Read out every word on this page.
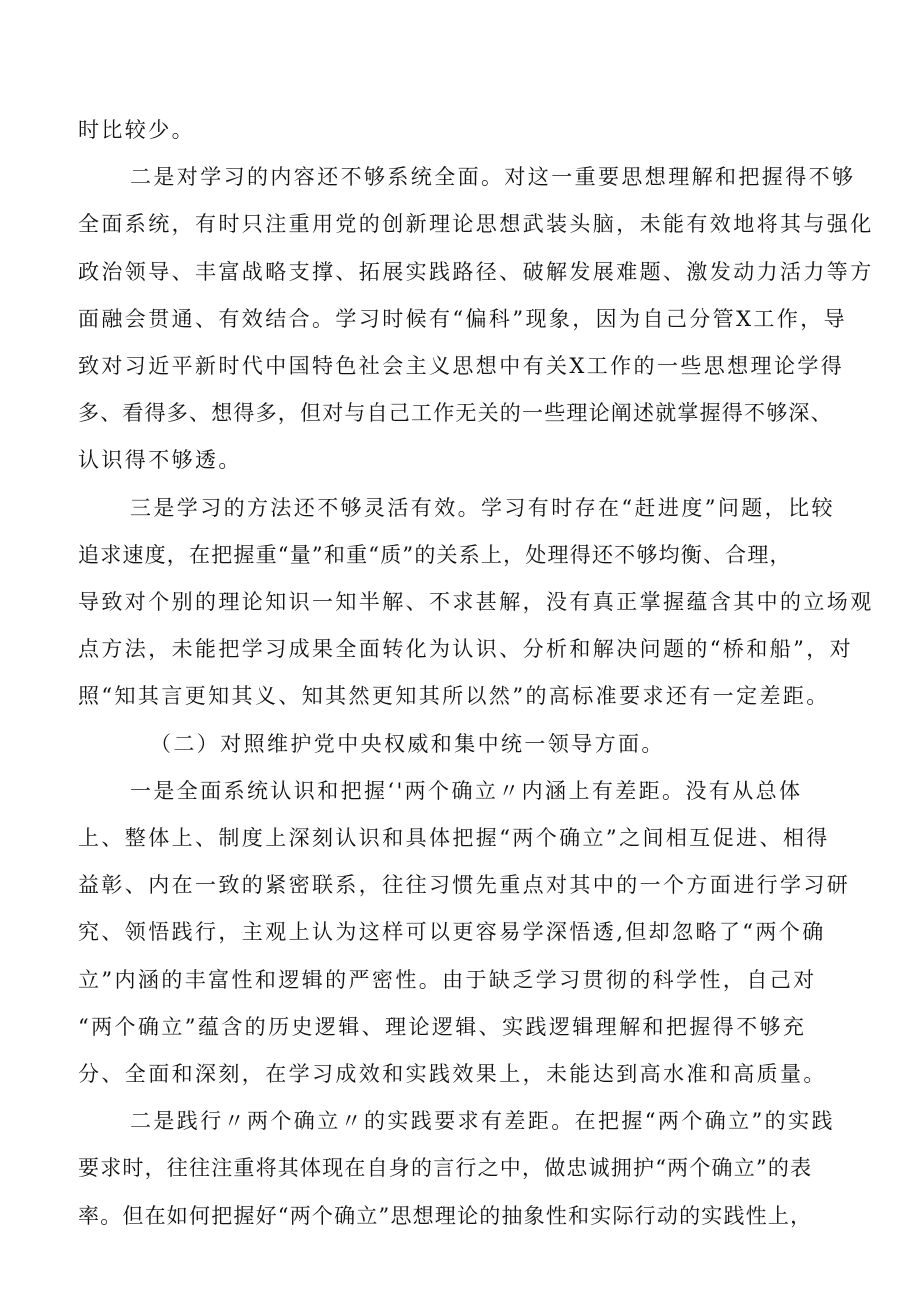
时比较少。
二是对学习的内容还不够系统全面。对这一重要思想理解和把握得不够
全面系统，有时只注重用党的创新理论思想武装头脑，未能有效地将其与强化
政治领导、丰富战略支撑、拓展实践路径、破解发展难题、激发动力活力等方
面融会贯通、有效结合。学习时候有“偏科”现象，因为自己分管X工作，导
致对习近平新时代中国特色社会主义思想中有关X工作的一些思想理论学得
多、看得多、想得多，但对与自己工作无关的一些理论阐述就掌握得不够深、
认识得不够透。
三是学习的方法还不够灵活有效。学习有时存在“赶进度”问题，比较
追求速度，在把握重“量”和重“质”的关系上，处理得还不够均衡、合理，
导致对个别的理论知识一知半解、不求甚解，没有真正掌握蕴含其中的立场观
点方法，未能把学习成果全面转化为认识、分析和解决问题的“桥和船”，对
照“知其言更知其义、知其然更知其所以然”的高标准要求还有一定差距。
（二）对照维护党中央权威和集中统一领导方面。
一是全面系统认识和把握‘'两个确立〃内涵上有差距。没有从总体
上、整体上、制度上深刻认识和具体把握“两个确立”之间相互促进、相得
益彰、内在一致的紧密联系，往往习惯先重点对其中的一个方面进行学习研
究、领悟践行，主观上认为这样可以更容易学深悟透,但却忽略了“两个确
立”内涵的丰富性和逻辑的严密性。由于缺乏学习贯彻的科学性，自己对
“两个确立”蕴含的历史逻辑、理论逻辑、实践逻辑理解和把握得不够充
分、全面和深刻，在学习成效和实践效果上，未能达到高水准和高质量。
二是践行〃两个确立〃的实践要求有差距。在把握“两个确立”的实践
要求时，往往注重将其体现在自身的言行之中，做忠诚拥护“两个确立”的表
率。但在如何把握好“两个确立”思想理论的抽象性和实际行动的实践性上，
